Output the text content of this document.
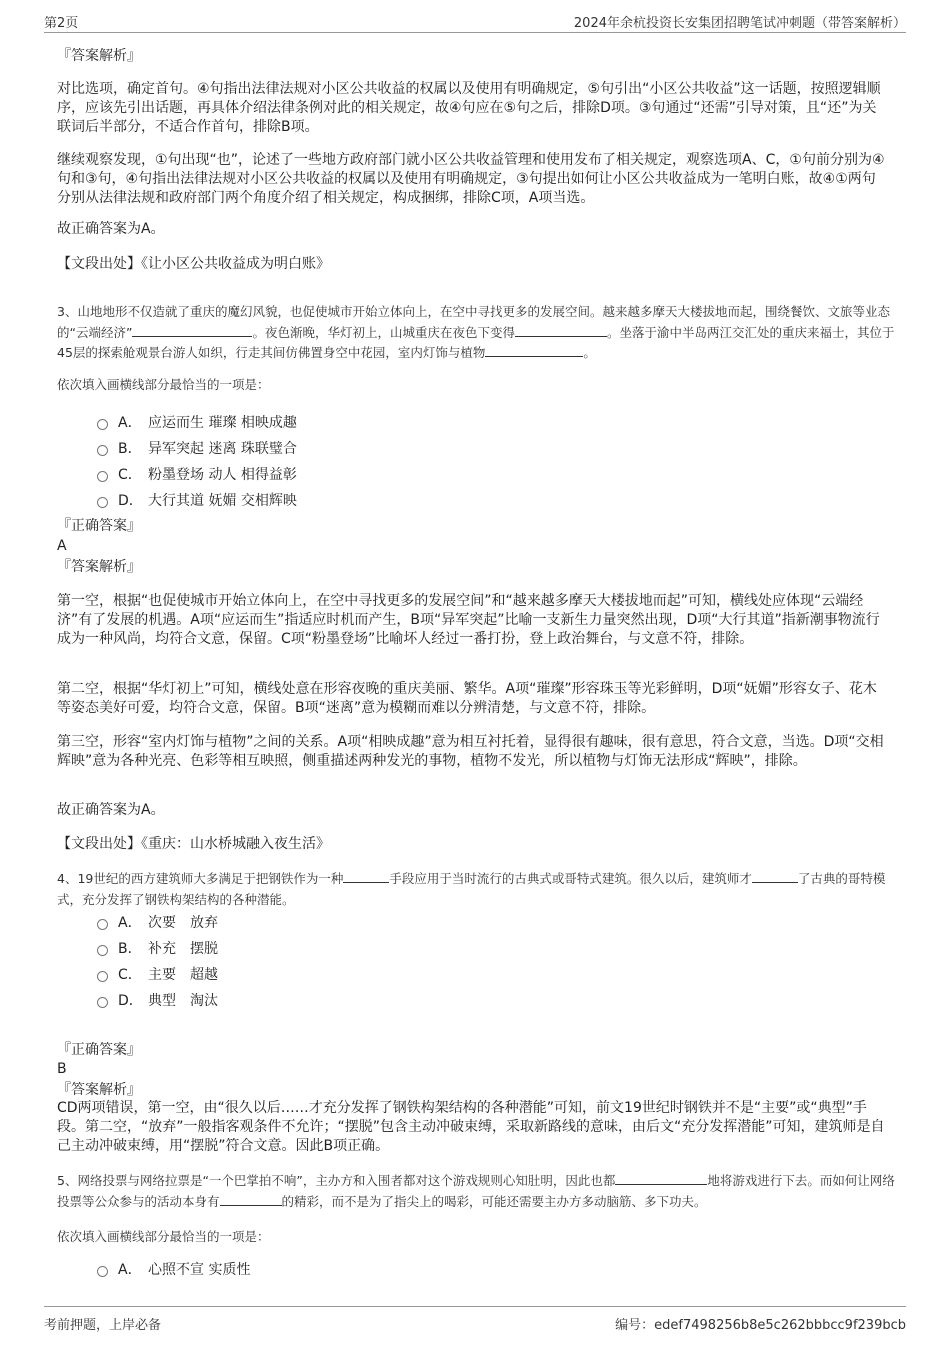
第2页	2024年余杭投资长安集团招聘笔试冲刺题（带答案解析）
『答案解析』
对比选项，确定首句。④句指出法律法规对小区公共收益的权属以及使用有明确规定，⑤句引出“小区公共收益”这一话题，按照逻辑顺序，应该先引出话题，再具体介绍法律条例对此的相关规定，故④句应在⑤句之后，排除D项。③句通过“还需”引导对策，且“还”为关联词后半部分，不适合作首句，排除B项。
继续观察发现，①句出现“也”，论述了一些地方政府部门就小区公共收益管理和使用发布了相关规定，观察选项A、C，①句前分别为④句和③句，④句指出法律法规对小区公共收益的权属以及使用有明确规定，③句提出如何让小区公共收益成为一笔明白账，故④①两句分别从法律法规和政府部门两个角度介绍了相关规定，构成捆绑，排除C项，A项当选。
故正确答案为A。
【文段出处】《让小区公共收益成为明白账》
3、山地地形不仅造就了重庆的魔幻风貌，也促使城市开始立体向上，在空中寻找更多的发展空间。越来越多摩天大楼拔地而起，围绕餐饮、文旅等业态的“云端经济”	。夜色渐晚，华灯初上，山城重庆在夜色下变得	。坐落于渝中半岛两江交汇处的重庆来福士，其位于45层的探索舱观景台游人如织，行走其间仿佛置身空中花园，室内灯饰与植物	。
依次填入画横线部分最恰当的一项是：
A． 应运而生 璀璨 相映成趣
B． 异军突起 迷离 珠联璧合
C． 粉墨登场 动人 相得益彰
D． 大行其道 妩媚 交相辉映
『正确答案』
A
『答案解析』
第一空，根据“也促使城市开始立体向上，在空中寻找更多的发展空间”和“越来越多摩天大楼拔地而起”可知，横线处应体现“云端经济”有了发展的机遇。A项“应运而生”指适应时机而产生，B项“异军突起”比喻一支新生力量突然出现，D项“大行其道”指新潮事物流行成为一种风尚，均符合文意，保留。C项“粉墨登场”比喻坏人经过一番打扮，登上政治舞台，与文意不符，排除。
第二空，根据“华灯初上”可知，横线处意在形容夜晚的重庆美丽、繁华。A项“璀璨”形容珠玉等光彩鲜明，D项“妩媚”形容女子、花木等姿态美好可爱，均符合文意，保留。B项“迷离”意为模糊而难以分辨清楚，与文意不符，排除。
第三空，形容“室内灯饰与植物”之间的关系。A项“相映成趣”意为相互衬托着，显得很有趣味，很有意思，符合文意，当选。D项“交相辉映”意为各种光亮、色彩等相互映照，侧重描述两种发光的事物，植物不发光，所以植物与灯饰无法形成“辉映”，排除。
故正确答案为A。
【文段出处】《重庆：山水桥城融入夜生活》
4、19世纪的西方建筑师大多满足于把钢铁作为一种	手段应用于当时流行的古典式或哥特式建筑。很久以后，建筑师才	了古典的哥特模式，充分发挥了钢铁构架结构的各种潜能。
A． 次要　放弃
B． 补充　摆脱
C． 主要　超越
D． 典型　淘汰
『正确答案』
B
『答案解析』
CD两项错误，第一空，由“很久以后……才充分发挥了钢铁构架结构的各种潜能”可知，前文19世纪时钢铁并不是“主要”或“典型”手段。第二空，“放弃”一般指客观条件不允许；“摆脱”包含主动冲破束缚，采取新路线的意味，由后文“充分发挥潜能”可知，建筑师是自己主动冲破束缚，用“摆脱”符合文意。因此B项正确。
5、网络投票与网络拉票是“一个巴掌拍不响”，主办方和入围者都对这个游戏规则心知肚明，因此也都	地将游戏进行下去。而如何让网络投票等公众参与的活动本身有	的精彩，而不是为了指尖上的喝彩，可能还需要主办方多动脑筋、多下功夫。
依次填入画横线部分最恰当的一项是：
A． 心照不宣 实质性
考前押题，上岸必备	编号：edef7498256b8e5c262bbbcc9f239bcb
